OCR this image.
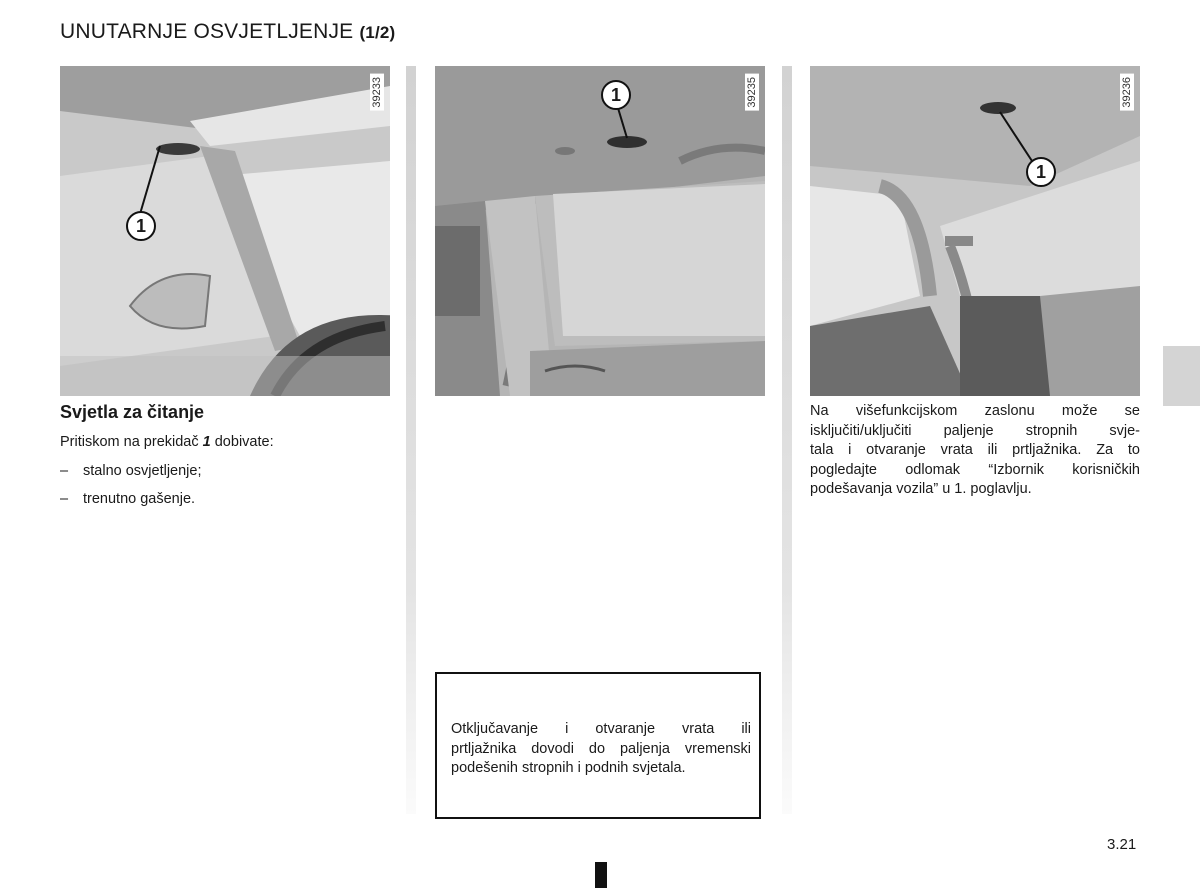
UNUTARNJE OSVJETLJENJE (1/2)
39233
1
39235
1	39236
1
Svjetla za čitanje
Pritiskom na prekidač 1 dobivate:
– stalno osvjetljenje;
– trenutno gašenje.
Na višefunkcijskom zaslonu može se
isključiti/uključiti paljenje stropnih svje-
tala i otvaranje vrata ili prtljažnika. Za to
pogledajte odlomak “Izbornik korisničkih
podešavanja vozila” u 1. poglavlju.
Otključavanje i otvaranje vrata ili
prtljažnika dovodi do paljenja vremenski
podešenih stropnih i podnih svjetala.
3.21
